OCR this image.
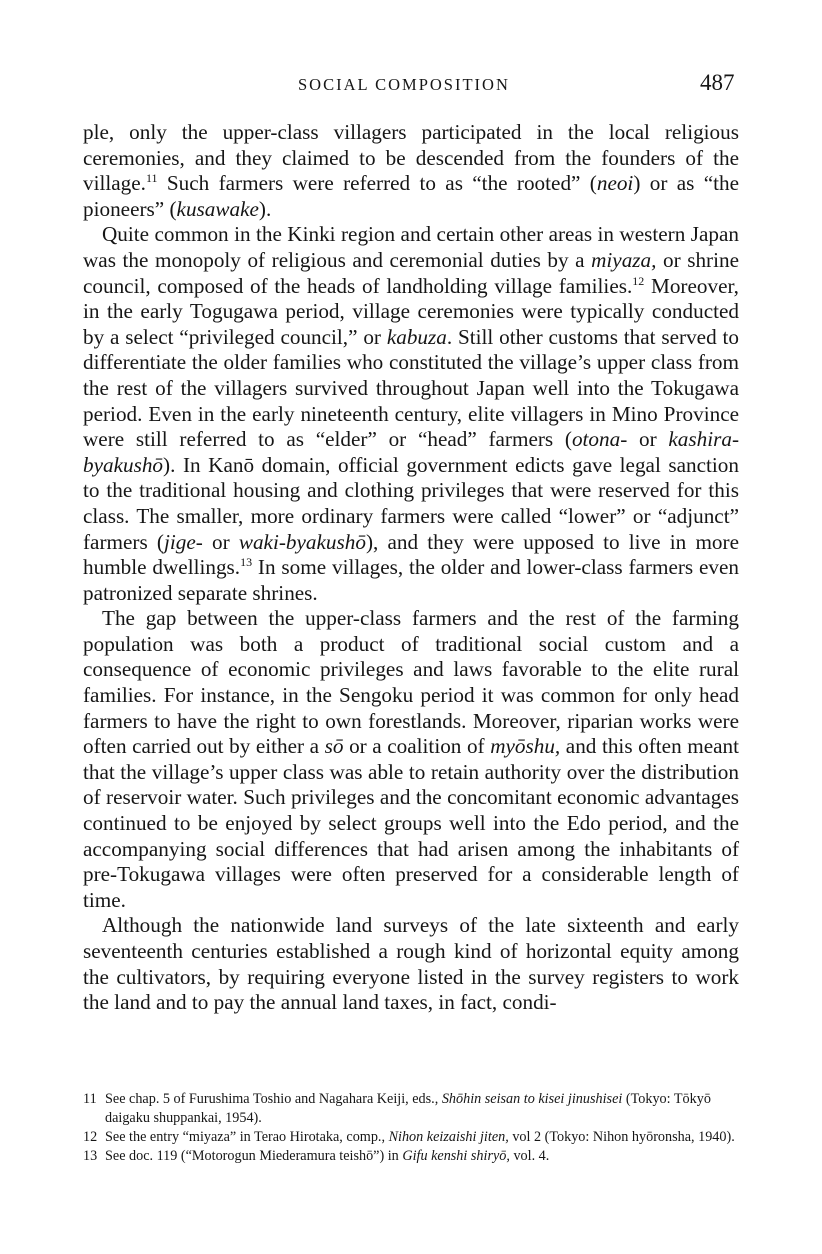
SOCIAL COMPOSITION	487

ple, only the upper-class villagers participated in the local religious ceremonies, and they claimed to be descended from the founders of the village.$^{11}$ Such farmers were referred to as “the rooted” (neoi) or as “the pioneers” (kusawake).

Quite common in the Kinki region and certain other areas in western Japan was the monopoly of religious and ceremonial duties by a miyaza, or shrine council, composed of the heads of landholding village families.$^{12}$ Moreover, in the early Togugawa period, village ceremonies were typically conducted by a select “privileged council,” or kabuza. Still other customs that served to differentiate the older families who constituted the village’s upper class from the rest of the villagers survived throughout Japan well into the Tokugawa period. Even in the early nineteenth century, elite villagers in Mino Province were still referred to as “elder” or “head” farmers (otona- or kashira-byakushō). In Kanō domain, official government edicts gave legal sanction to the traditional housing and clothing privileges that were reserved for this class. The smaller, more ordinary farmers were called “lower” or “adjunct” farmers (jige- or waki-byakushō), and they were upposed to live in more humble dwellings.$^{13}$ In some villages, the older and lower-class farmers even patronized separate shrines.

The gap between the upper-class farmers and the rest of the farming population was both a product of traditional social custom and a consequence of economic privileges and laws favorable to the elite rural families. For instance, in the Sengoku period it was common for only head farmers to have the right to own forestlands. Moreover, riparian works were often carried out by either a sō or a coalition of myōshu, and this often meant that the village’s upper class was able to retain authority over the distribution of reservoir water. Such privileges and the concomitant economic advantages continued to be enjoyed by select groups well into the Edo period, and the accompanying social differences that had arisen among the inhabitants of pre-Tokugawa villages were often preserved for a considerable length of time.

Although the nationwide land surveys of the late sixteenth and early seventeenth centuries established a rough kind of horizontal equity among the cultivators, by requiring everyone listed in the survey registers to work the land and to pay the annual land taxes, in fact, condi-

11 See chap. 5 of Furushima Toshio and Nagahara Keiji, eds., Shōhin seisan to kisei jinushisei (Tokyo: Tōkyō daigaku shuppankai, 1954).
12 See the entry “miyaza” in Terao Hirotaka, comp., Nihon keizaishi jiten, vol 2 (Tokyo: Nihon hyōronsha, 1940).
13 See doc. 119 (“Motorogun Miederamura teishō”) in Gifu kenshi shiryō, vol. 4.
